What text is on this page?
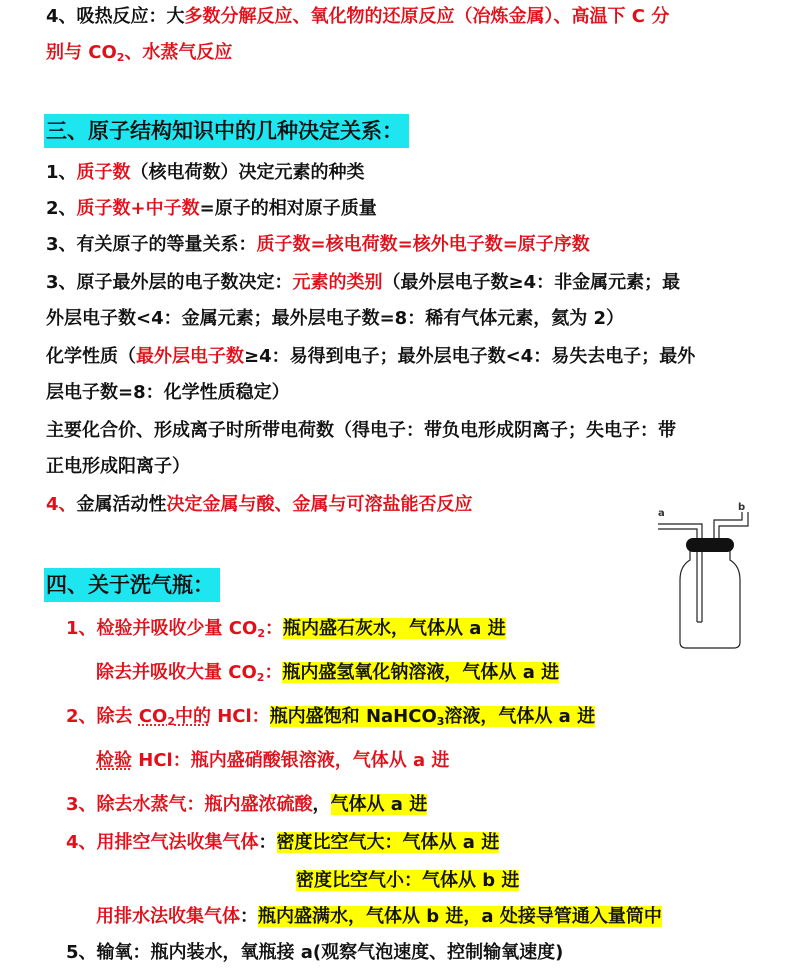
4、吸热反应：大多数分解反应、氧化物的还原反应（冶炼金属）、高温下 C 分
别与 $CO_2$、水蒸气反应
三、原子结构知识中的几种决定关系：
1、质子数（核电荷数）决定元素的种类
2、质子数+中子数=原子的相对原子质量
3、有关原子的等量关系：质子数=核电荷数=核外电子数=原子序数
3、原子最外层的电子数决定：元素的类别（最外层电子数≥4：非金属元素；最
外层电子数<4：金属元素；最外层电子数=8：稀有气体元素，氦为 2）
化学性质（最外层电子数≥4：易得到电子；最外层电子数<4：易失去电子；最外
层电子数=8：化学性质稳定）
主要化合价、形成离子时所带电荷数（得电子：带负电形成阴离子；失电子：带
正电形成阳离子）
4、金属活动性决定金属与酸、金属与可溶盐能否反应	a
b
四、关于洗气瓶：
1、检验并吸收少量 $CO_2$：瓶内盛石灰水，气体从 a 进
除去并吸收大量 $CO_2$：瓶内盛氢氧化钠溶液，气体从 a 进
2、除去 $CO_2$中的 HCl：瓶内盛饱和 NaHCO$_3$溶液，气体从 a 进
检验 HCl：瓶内盛硝酸银溶液，气体从 a 进
3、除去水蒸气：瓶内盛浓硫酸，气体从 a 进
4、用排空气法收集气体：密度比空气大：气体从 a 进
密度比空气小：气体从 b 进
用排水法收集气体：瓶内盛满水，气体从 b 进，a 处接导管通入量筒中
5、输氧：瓶内装水，氧瓶接 a(观察气泡速度、控制输氧速度)
